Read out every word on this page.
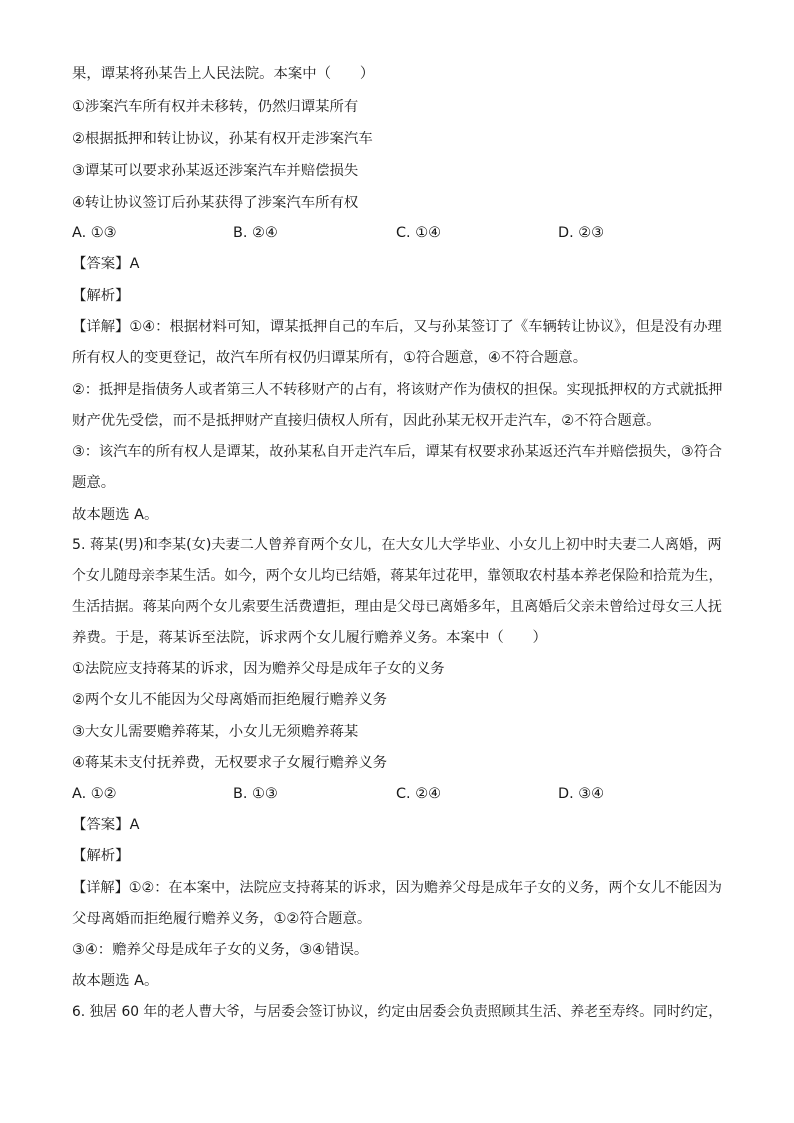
果，谭某将孙某告上人民法院。本案中（　　）
①涉案汽车所有权并未移转，仍然归谭某所有
②根据抵押和转让协议，孙某有权开走涉案汽车
③谭某可以要求孙某返还涉案汽车并赔偿损失
④转让协议签订后孙某获得了涉案汽车所有权
A. ①③	B. ②④	C. ①④	D. ②③
【答案】A
【解析】
【详解】①④：根据材料可知，谭某抵押自己的车后，又与孙某签订了《车辆转让协议》，但是没有办理
所有权人的变更登记，故汽车所有权仍归谭某所有，①符合题意，④不符合题意。
②：抵押是指债务人或者第三人不转移财产的占有，将该财产作为债权的担保。实现抵押权的方式就抵押
财产优先受偿，而不是抵押财产直接归债权人所有，因此孙某无权开走汽车，②不符合题意。
③：该汽车的所有权人是谭某，故孙某私自开走汽车后，谭某有权要求孙某返还汽车并赔偿损失，③符合
题意。
故本题选 A。
5. 蒋某(男)和李某(女)夫妻二人曾养育两个女儿，在大女儿大学毕业、小女儿上初中时夫妻二人离婚，两
个女儿随母亲李某生活。如今，两个女儿均已结婚，蒋某年过花甲，靠领取农村基本养老保险和拾荒为生，
生活拮据。蒋某向两个女儿索要生活费遭拒，理由是父母已离婚多年，且离婚后父亲未曾给过母女三人抚
养费。于是，蒋某诉至法院，诉求两个女儿履行赡养义务。本案中（　　）
①法院应支持蒋某的诉求，因为赡养父母是成年子女的义务
②两个女儿不能因为父母离婚而拒绝履行赡养义务
③大女儿需要赡养蒋某，小女儿无须赡养蒋某
④蒋某未支付抚养费，无权要求子女履行赡养义务
A. ①②	B. ①③	C. ②④	D. ③④
【答案】A
【解析】
【详解】①②：在本案中，法院应支持蒋某的诉求，因为赡养父母是成年子女的义务，两个女儿不能因为
父母离婚而拒绝履行赡养义务，①②符合题意。
③④：赡养父母是成年子女的义务，③④错误。
故本题选 A。
6. 独居 60 年的老人曹大爷，与居委会签订协议，约定由居委会负责照顾其生活、养老至寿终。同时约定，
